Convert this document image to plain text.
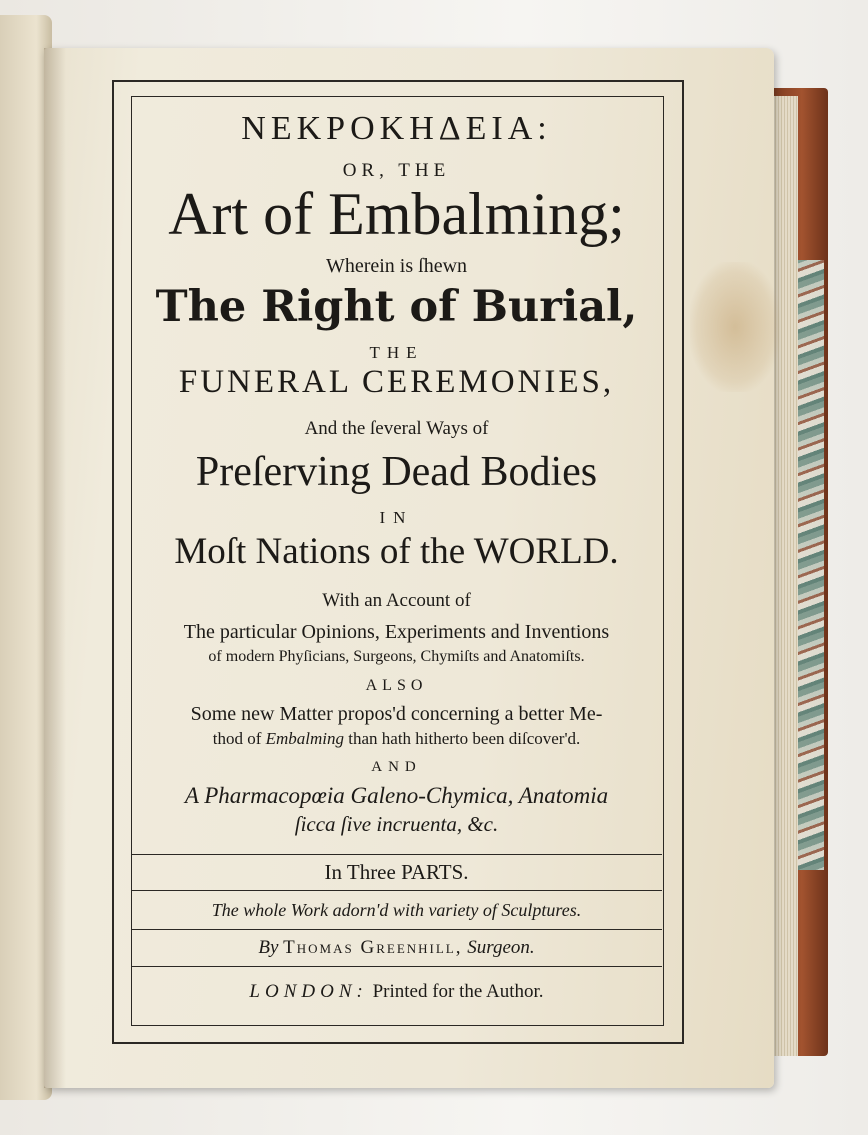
NEKPOKHΔEIA:
OR, THE
Art of Embalming;
Wherein is ſhewn
The Right of Burial,
THE
FUNERAL CEREMONIES,
And the ſeveral Ways of
Preſerving Dead Bodies
IN
Moſt Nations of the WORLD.
With an Account of
The particular Opinions, Experiments and Inventions
of modern Phyſicians, Surgeons, Chymiſts and Anatomiſts.
ALSO
Some new Matter propos'd concerning a better Me-
thod of Embalming than hath hitherto been diſcover'd.
AND
A Pharmacopœia Galeno-Chymica, Anatomia
ſicca ſive incruenta, &c.
In Three PARTS.
The whole Work adorn'd with variety of Sculptures.
By Thomas Greenhill, Surgeon.
LONDON: Printed for the Author.
